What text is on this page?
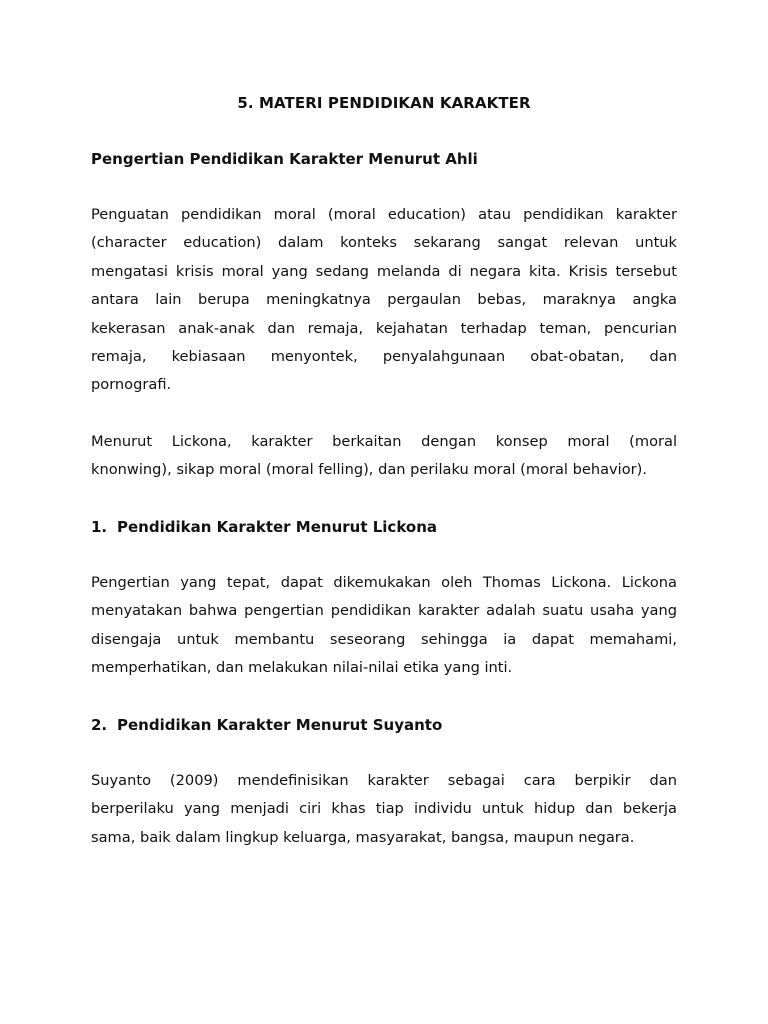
5. MATERI PENDIDIKAN KARAKTER
Pengertian Pendidikan Karakter Menurut Ahli
Penguatan pendidikan moral (moral education) atau pendidikan karakter
(character education) dalam konteks sekarang sangat relevan untuk
mengatasi krisis moral yang sedang melanda di negara kita. Krisis tersebut
antara lain berupa meningkatnya pergaulan bebas, maraknya angka
kekerasan anak-anak dan remaja, kejahatan terhadap teman, pencurian
remaja, kebiasaan menyontek, penyalahgunaan obat-obatan, dan
pornografi.
Menurut Lickona, karakter berkaitan dengan konsep moral (moral
knonwing), sikap moral (moral felling), dan perilaku moral (moral behavior).
1. Pendidikan Karakter Menurut Lickona
Pengertian yang tepat, dapat dikemukakan oleh Thomas Lickona. Lickona
menyatakan bahwa pengertian pendidikan karakter adalah suatu usaha yang
disengaja untuk membantu seseorang sehingga ia dapat memahami,
memperhatikan, dan melakukan nilai-nilai etika yang inti.
2. Pendidikan Karakter Menurut Suyanto
Suyanto (2009) mendefinisikan karakter sebagai cara berpikir dan
berperilaku yang menjadi ciri khas tiap individu untuk hidup dan bekerja
sama, baik dalam lingkup keluarga, masyarakat, bangsa, maupun negara.
